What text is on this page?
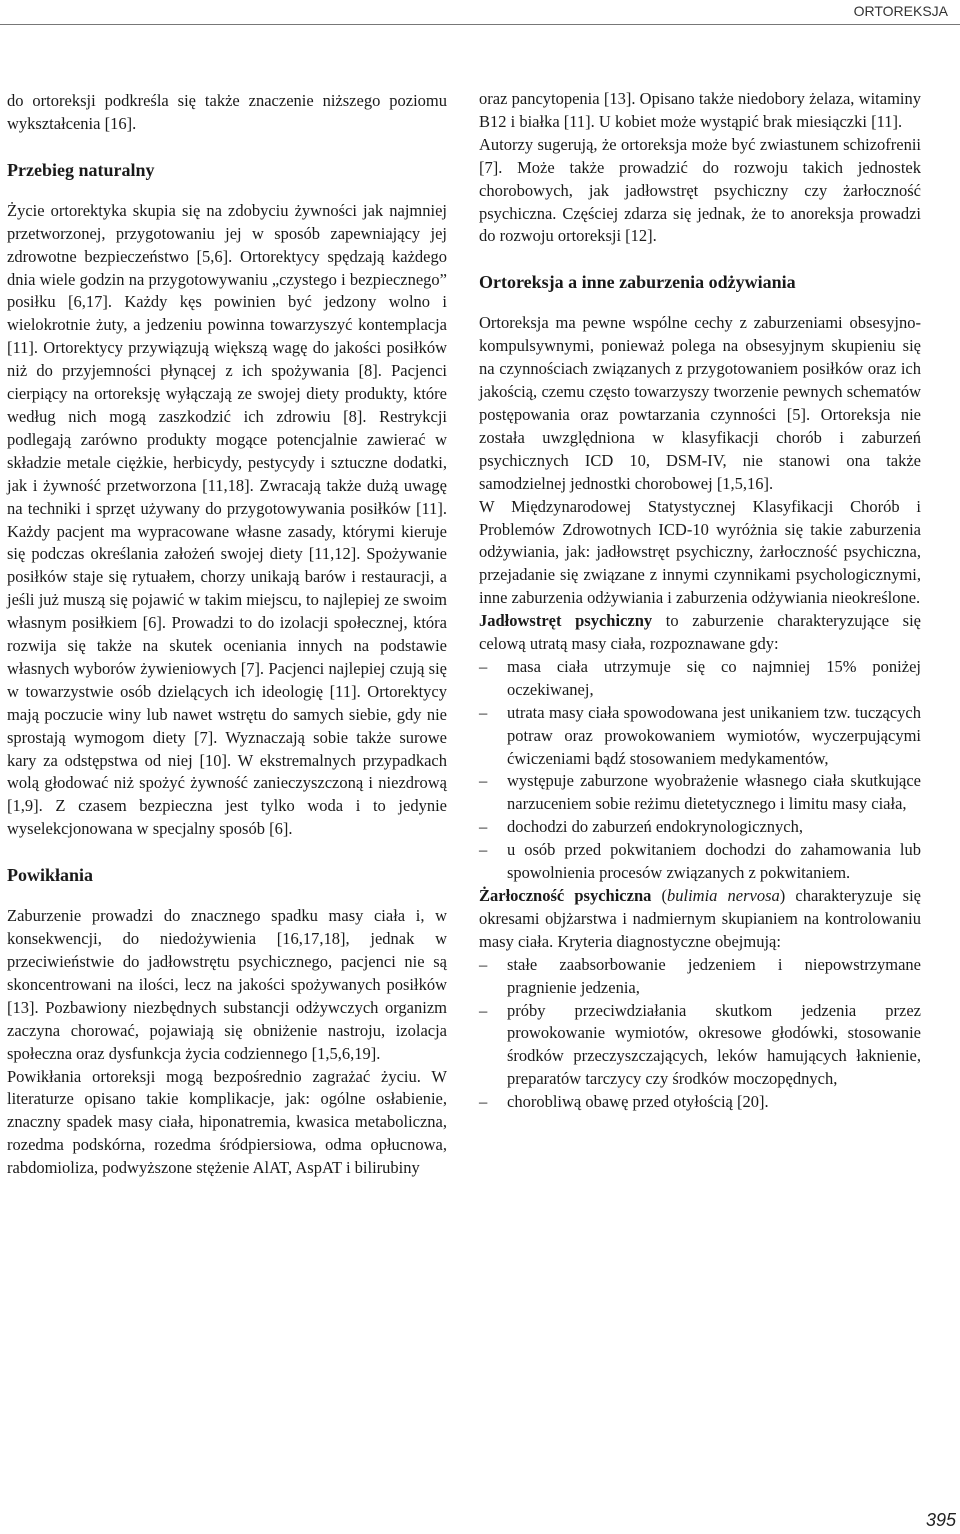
ORTOREKSJA

do ortoreksji podkreśla się także znaczenie niższego poziomu wykształcenia [16].

Przebieg naturalny

Życie ortorektyka skupia się na zdobyciu żywności jak najmniej przetworzonej, przygotowaniu jej w sposób zapewniający jej zdrowotne bezpieczeństwo [5,6]. Ortorektycy spędzają każdego dnia wiele godzin na przygotowywaniu „czystego i bezpiecznego” posiłku [6,17]. Każdy kęs powinien być jedzony wolno i wielokrotnie żuty, a jedzeniu powinna towarzyszyć kontemplacja [11]. Ortorektycy przywiązują większą wagę do jakości posiłków niż do przyjemności płynącej z ich spożywania [8]. Pacjenci cierpiący na ortoreksję wyłączają ze swojej diety produkty, które według nich mogą zaszkodzić ich zdrowiu [8]. Restrykcji podlegają zarówno produkty mogące potencjalnie zawierać w składzie metale ciężkie, herbicydy, pestycydy i sztuczne dodatki, jak i żywność przetworzona [11,18]. Zwracają także dużą uwagę na techniki i sprzęt używany do przygotowywania posiłków [11]. Każdy pacjent ma wypracowane własne zasady, którymi kieruje się podczas określania założeń swojej diety [11,12]. Spożywanie posiłków staje się rytuałem, chorzy unikają barów i restauracji, a jeśli już muszą się pojawić w takim miejscu, to najlepiej ze swoim własnym posiłkiem [6]. Prowadzi to do izolacji społecznej, która rozwija się także na skutek oceniania innych na podstawie własnych wyborów żywieniowych [7]. Pacjenci najlepiej czują się w towarzystwie osób dzielących ich ideologię [11]. Ortorektycy mają poczucie winy lub nawet wstrętu do samych siebie, gdy nie sprostają wymogom diety [7]. Wyznaczają sobie także surowe kary za odstępstwa od niej [10]. W ekstremalnych przypadkach wolą głodować niż spożyć żywność zanieczyszczoną i niezdrową [1,9]. Z czasem bezpieczna jest tylko woda i to jedynie wyselekcjonowana w specjalny sposób [6].

Powikłania

Zaburzenie prowadzi do znacznego spadku masy ciała i, w konsekwencji, do niedożywienia [16,17,18], jednak w przeciwieństwie do jadłowstrętu psychicznego, pacjenci nie są skoncentrowani na ilości, lecz na jakości spożywanych posiłków [13]. Pozbawiony niezbędnych substancji odżywczych organizm zaczyna chorować, pojawiają się obniżenie nastroju, izolacja społeczna oraz dysfunkcja życia codziennego [1,5,6,19].

Powikłania ortoreksji mogą bezpośrednio zagrażać życiu. W literaturze opisano takie komplikacje, jak: ogólne osłabienie, znaczny spadek masy ciała, hiponatremia, kwasica metaboliczna, rozedma podskórna, rozedma śródpiersiowa, odma opłucnowa, rabdomioliza, podwyższone stężenie AlAT, AspAT i bilirubiny

oraz pancytopenia [13]. Opisano także niedobory żelaza, witaminy B12 i białka [11]. U kobiet może wystąpić brak miesiączki [11].

Autorzy sugerują, że ortoreksja może być zwiastunem schizofrenii [7]. Może także prowadzić do rozwoju takich jednostek chorobowych, jak jadłowstręt psychiczny czy żarłoczność psychiczna. Częściej zdarza się jednak, że to anoreksja prowadzi do rozwoju ortoreksji [12].

Ortoreksja a inne zaburzenia odżywiania

Ortoreksja ma pewne wspólne cechy z zaburzeniami obsesyjno-kompulsywnymi, ponieważ polega na obsesyjnym skupieniu się na czynnościach związanych z przygotowaniem posiłków oraz ich jakością, czemu często towarzyszy tworzenie pewnych schematów postępowania oraz powtarzania czynności [5]. Ortoreksja nie została uwzględniona w klasyfikacji chorób i zaburzeń psychicznych ICD 10, DSM-IV, nie stanowi ona także samodzielnej jednostki chorobowej [1,5,16].

W Międzynarodowej Statystycznej Klasyfikacji Chorób i Problemów Zdrowotnych ICD-10 wyróżnia się takie zaburzenia odżywiania, jak: jadłowstręt psychiczny, żarłoczność psychiczna, przejadanie się związane z innymi czynnikami psychologicznymi, inne zaburzenia odżywiania i zaburzenia odżywiania nieokreślone.

Jadłowstręt psychiczny to zaburzenie charakteryzujące się celową utratą masy ciała, rozpoznawane gdy:

– masa ciała utrzymuje się co najmniej 15% poniżej oczekiwanej,
– utrata masy ciała spowodowana jest unikaniem tzw. tuczących potraw oraz prowokowaniem wymiotów, wyczerpującymi ćwiczeniami bądź stosowaniem medykamentów,
– występuje zaburzone wyobrażenie własnego ciała skutkujące narzuceniem sobie reżimu dietetycznego i limitu masy ciała,
– dochodzi do zaburzeń endokrynologicznych,
– u osób przed pokwitaniem dochodzi do zahamowania lub spowolnienia procesów związanych z pokwitaniem.

Żarłoczność psychiczna (bulimia nervosa) charakteryzuje się okresami objżarstwa i nadmiernym skupianiem na kontrolowaniu masy ciała. Kryteria diagnostyczne obejmują:

– stałe zaabsorbowanie jedzeniem i niepowstrzymane pragnienie jedzenia,
– próby przeciwdziałania skutkom jedzenia przez prowokowanie wymiotów, okresowe głodówki, stosowanie środków przeczyszczających, leków hamujących łaknienie, preparatów tarczycy czy środków moczopędnych,
– chorobliwą obawę przed otyłością [20].
395
